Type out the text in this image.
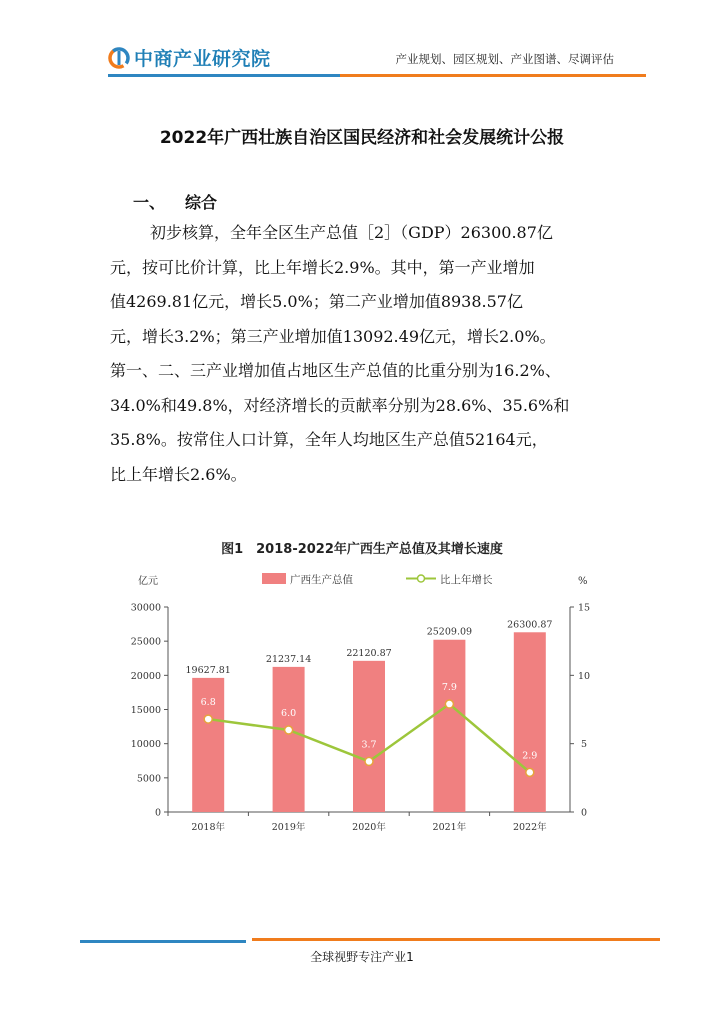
中商产业研究院	产业规划、园区规划、产业图谱、尽调评估
2022年广西壮族自治区国民经济和社会发展统计公报
一、 综合
初步核算，全年全区生产总值［2］（GDP）26300.87亿
元，按可比价计算，比上年增长2.9%。其中，第一产业增加
值4269.81亿元，增长5.0%；第二产业增加值8938.57亿
元，增长3.2%；第三产业增加值13092.49亿元，增长2.0%。
第一、二、三产业增加值占地区生产总值的比重分别为16.2%、
34.0%和49.8%，对经济增长的贡献率分别为28.6%、35.6%和
35.8%。按常住人口计算，全年人均地区生产总值52164元，
比上年增长2.6%。
图1　2018-2022年广西生产总值及其增长速度
亿元	%
广西生产总值	比上年增长
0
5000
10000
15000
20000
25000
30000
0
5
10
15
19627.81
2018年
21237.14
2019年
22120.87
2020年
25209.09
2021年
26300.87
2022年
6.8
6.0
3.7
7.9
2.9
全球视野专注产业1
